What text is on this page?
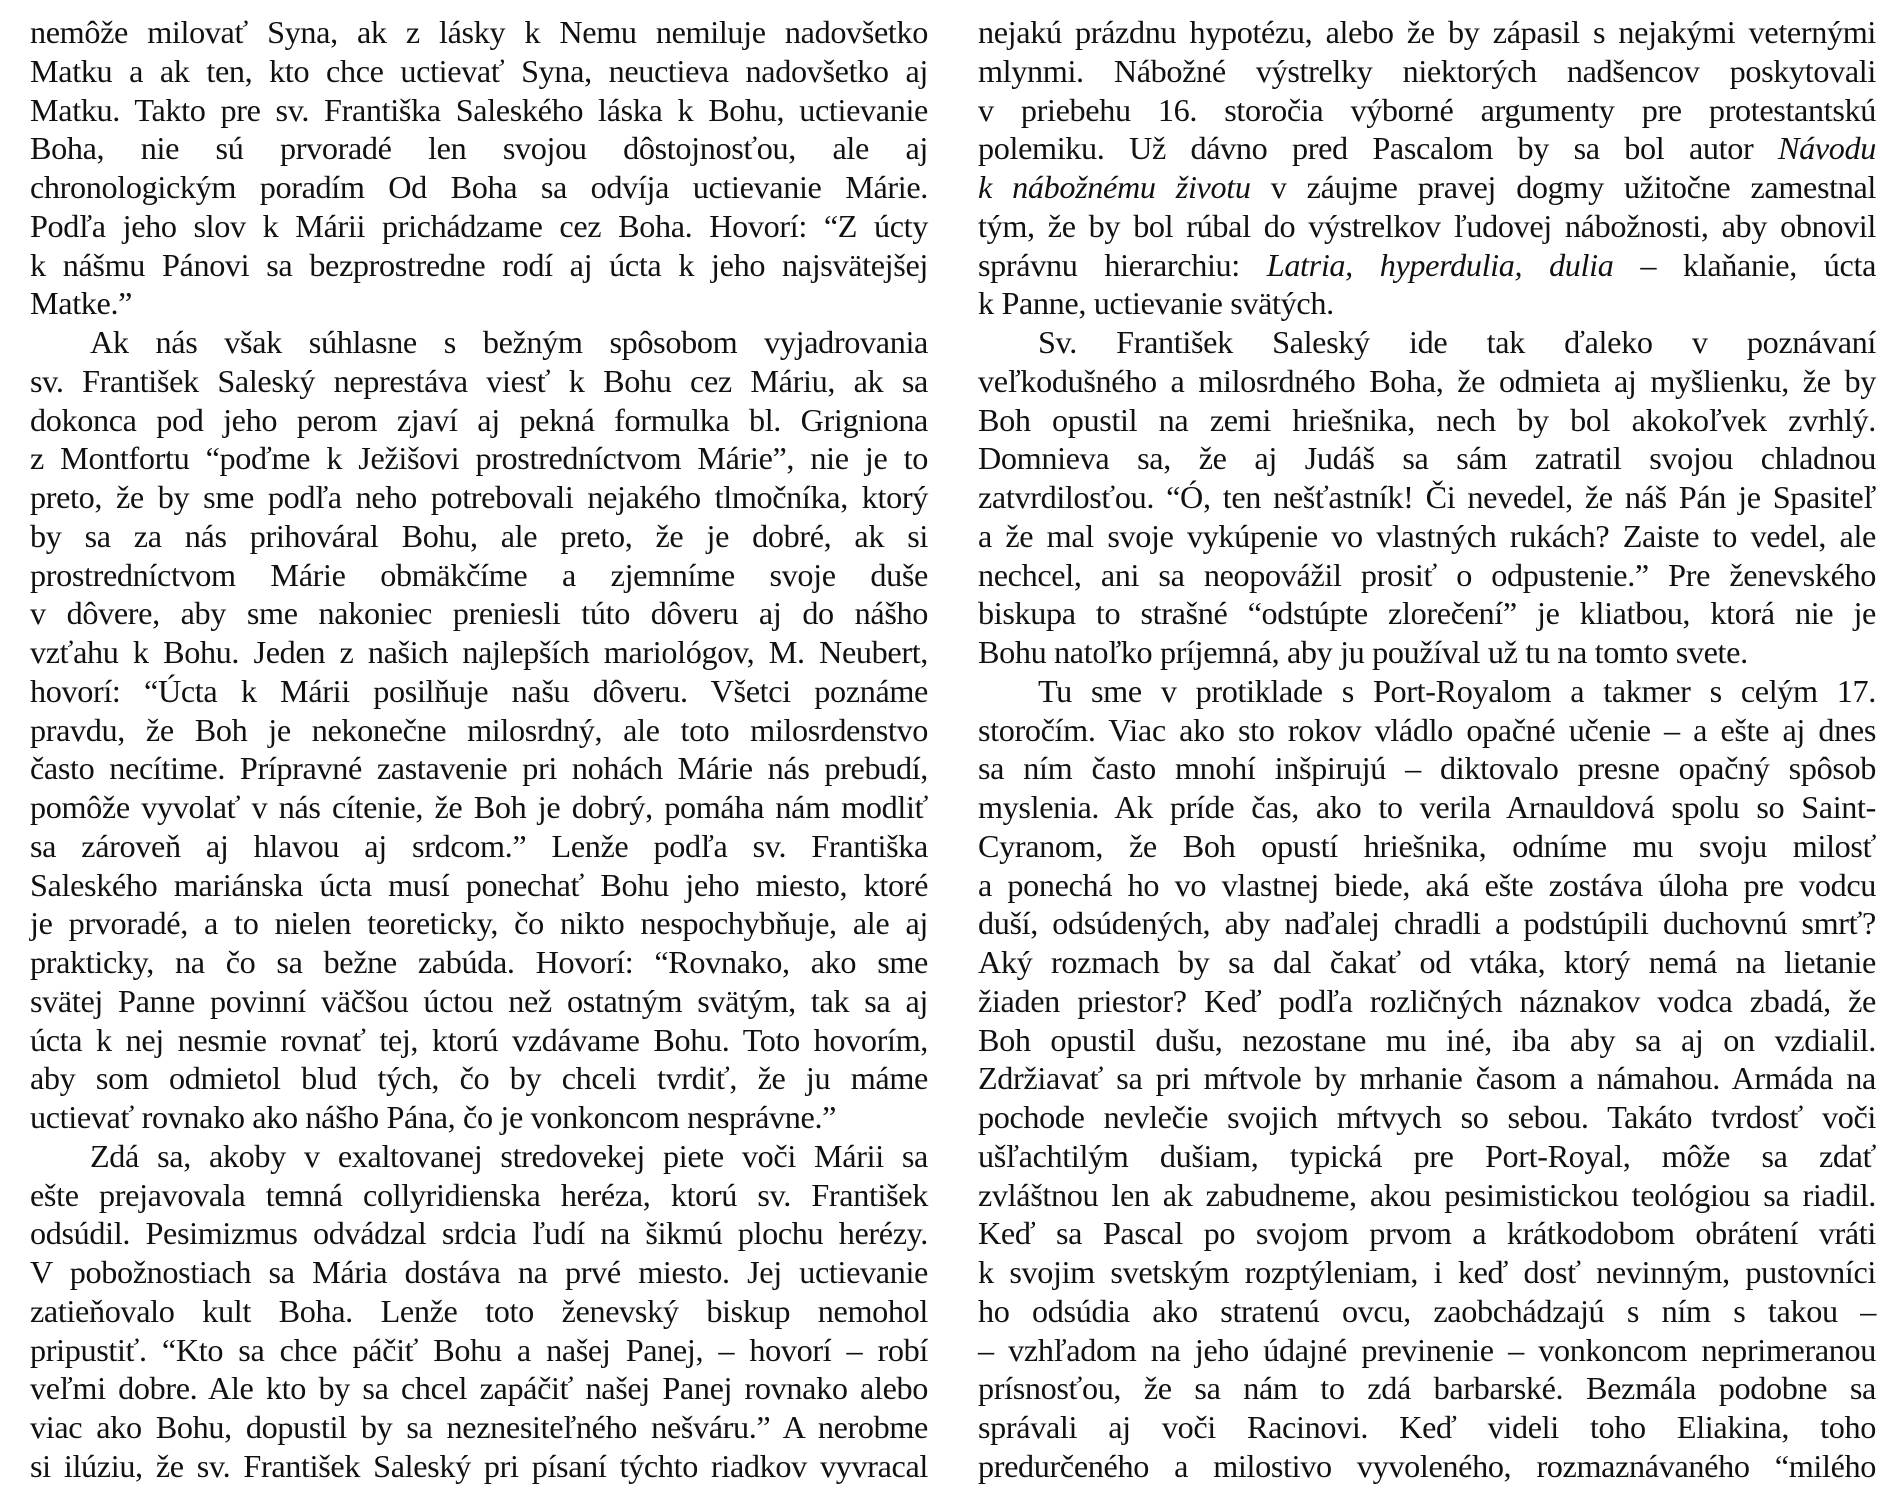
nemôže milovať Syna, ak z lásky k Nemu nemiluje nadovšetko
Matku a ak ten, kto chce uctievať Syna, neuctieva nadovšetko aj
Matku. Takto pre sv. Františka Saleského láska k Bohu, uctievanie
Boha, nie sú prvoradé len svojou dôstojnosťou, ale aj
chronologickým poradím Od Boha sa odvíja uctievanie Márie.
Podľa jeho slov k Márii prichádzame cez Boha. Hovorí: “Z úcty
k nášmu Pánovi sa bezprostredne rodí aj úcta k jeho najsvätejšej
Matke.”
Ak nás však súhlasne s bežným spôsobom vyjadrovania
sv. František Saleský neprestáva viesť k Bohu cez Máriu, ak sa
dokonca pod jeho perom zjaví aj pekná formulka bl. Grigniona
z Montfortu “poďme k Ježišovi prostredníctvom Márie”, nie je to
preto, že by sme podľa neho potrebovali nejakého tlmočníka, ktorý
by sa za nás prihováral Bohu, ale preto, že je dobré, ak si
prostredníctvom Márie obmäkčíme a zjemníme svoje duše
v dôvere, aby sme nakoniec preniesli túto dôveru aj do nášho
vzťahu k Bohu. Jeden z našich najlepších mariológov, M. Neubert,
hovorí: “Úcta k Márii posilňuje našu dôveru. Všetci poznáme
pravdu, že Boh je nekonečne milosrdný, ale toto milosrdenstvo
často necítime. Prípravné zastavenie pri nohách Márie nás prebudí,
pomôže vyvolať v nás cítenie, že Boh je dobrý, pomáha nám modliť
sa zároveň aj hlavou aj srdcom.” Lenže podľa sv. Františka
Saleského mariánska úcta musí ponechať Bohu jeho miesto, ktoré
je prvoradé, a to nielen teoreticky, čo nikto nespochybňuje, ale aj
prakticky, na čo sa bežne zabúda. Hovorí: “Rovnako, ako sme
svätej Panne povinní väčšou úctou než ostatným svätým, tak sa aj
úcta k nej nesmie rovnať tej, ktorú vzdávame Bohu. Toto hovorím,
aby som odmietol blud tých, čo by chceli tvrdiť, že ju máme
uctievať rovnako ako nášho Pána, čo je vonkoncom nesprávne.”
Zdá sa, akoby v exaltovanej stredovekej piete voči Márii sa
ešte prejavovala temná collyridienska heréza, ktorú sv. František
odsúdil. Pesimizmus odvádzal srdcia ľudí na šikmú plochu herézy.
V pobožnostiach sa Mária dostáva na prvé miesto. Jej uctievanie
zatieňovalo kult Boha. Lenže toto ženevský biskup nemohol
pripustiť. “Kto sa chce páčiť Bohu a našej Panej, – hovorí – robí
veľmi dobre. Ale kto by sa chcel zapáčiť našej Panej rovnako alebo
viac ako Bohu, dopustil by sa neznesiteľného nešváru.” A nerobme
si ilúziu, že sv. František Saleský pri písaní týchto riadkov vyvracal
nejakú prázdnu hypotézu, alebo že by zápasil s nejakými veternými
mlynmi. Nábožné výstrelky niektorých nadšencov poskytovali
v priebehu 16. storočia výborné argumenty pre protestantskú
polemiku. Už dávno pred Pascalom by sa bol autor Návodu
k nábožnému životu v záujme pravej dogmy užitočne zamestnal
tým, že by bol rúbal do výstrelkov ľudovej nábožnosti, aby obnovil
správnu hierarchiu: Latria, hyperdulia, dulia – klaňanie, úcta
k Panne, uctievanie svätých.
Sv. František Saleský ide tak ďaleko v poznávaní
veľkodušného a milosrdného Boha, že odmieta aj myšlienku, že by
Boh opustil na zemi hriešnika, nech by bol akokoľvek zvrhlý.
Domnieva sa, že aj Judáš sa sám zatratil svojou chladnou
zatvrdilosťou. “Ó, ten nešťastník! Či nevedel, že náš Pán je Spasiteľ
a že mal svoje vykúpenie vo vlastných rukách? Zaiste to vedel, ale
nechcel, ani sa neopovážil prosiť o odpustenie.” Pre ženevského
biskupa to strašné “odstúpte zlorečení” je kliatbou, ktorá nie je
Bohu natoľko príjemná, aby ju používal už tu na tomto svete.
Tu sme v protiklade s Port-Royalom a takmer s celým 17.
storočím. Viac ako sto rokov vládlo opačné učenie – a ešte aj dnes
sa ním často mnohí inšpirujú – diktovalo presne opačný spôsob
myslenia. Ak príde čas, ako to verila Arnauldová spolu so Saint-
Cyranom, že Boh opustí hriešnika, odníme mu svoju milosť
a ponechá ho vo vlastnej biede, aká ešte zostáva úloha pre vodcu
duší, odsúdených, aby naďalej chradli a podstúpili duchovnú smrť?
Aký rozmach by sa dal čakať od vtáka, ktorý nemá na lietanie
žiaden priestor? Keď podľa rozličných náznakov vodca zbadá, že
Boh opustil dušu, nezostane mu iné, iba aby sa aj on vzdialil.
Zdržiavať sa pri mŕtvole by mrhanie časom a námahou. Armáda na
pochode nevlečie svojich mŕtvych so sebou. Takáto tvrdosť voči
ušľachtilým dušiam, typická pre Port-Royal, môže sa zdať
zvláštnou len ak zabudneme, akou pesimistickou teológiou sa riadil.
Keď sa Pascal po svojom prvom a krátkodobom obrátení vráti
k svojim svetským rozptýleniam, i keď dosť nevinným, pustovníci
ho odsúdia ako stratenú ovcu, zaobchádzajú s ním s takou –
– vzhľadom na jeho údajné previnenie – vonkoncom neprimeranou
prísnosťou, že sa nám to zdá barbarské. Bezmála podobne sa
správali aj voči Racinovi. Keď videli toho Eliakina, toho
predurčeného a milostivo vyvoleného, rozmaznávaného “milého
